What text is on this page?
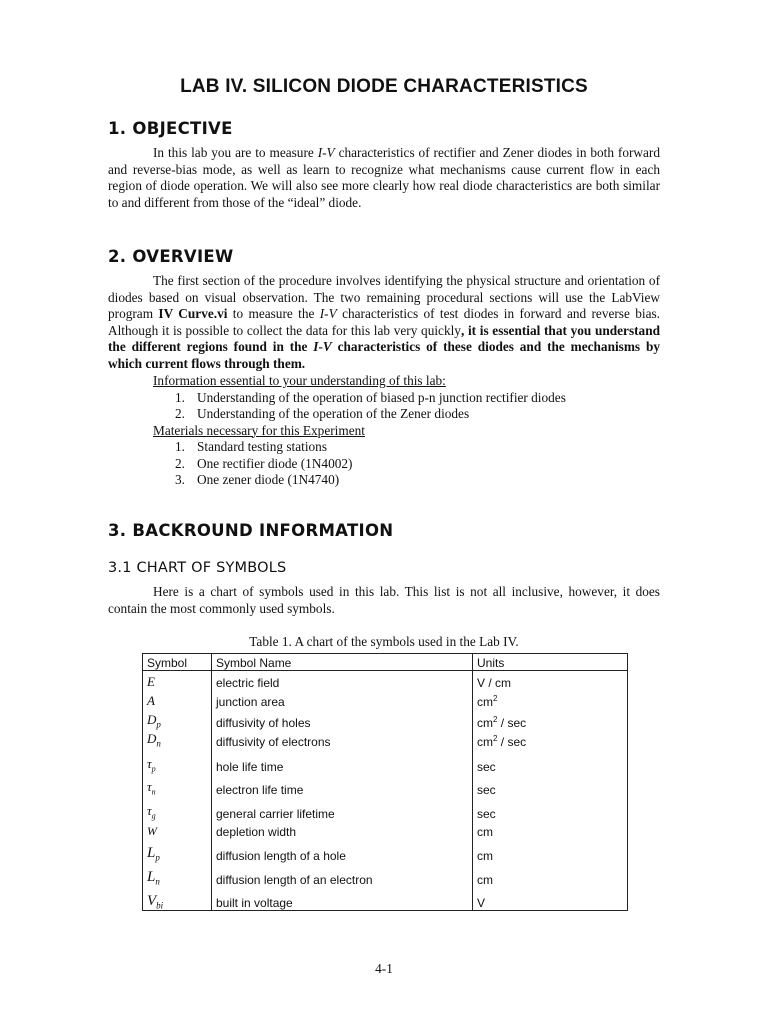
LAB IV. SILICON DIODE CHARACTERISTICS
1. OBJECTIVE

In this lab you are to measure I-V characteristics of rectifier and Zener diodes in both forward and reverse-bias mode, as well as learn to recognize what mechanisms cause current flow in each region of diode operation. We will also see more clearly how real diode characteristics are both similar to and different from those of the “ideal” diode.

2. OVERVIEW

The first section of the procedure involves identifying the physical structure and orientation of diodes based on visual observation. The two remaining procedural sections will use the LabView program IV Curve.vi to measure the I-V characteristics of test diodes in forward and reverse bias. Although it is possible to collect the data for this lab very quickly, it is essential that you understand the different regions found in the I-V characteristics of these diodes and the mechanisms by which current flows through them.

Information essential to your understanding of this lab:
1. Understanding of the operation of biased p-n junction rectifier diodes
2. Understanding of the operation of the Zener diodes
Materials necessary for this Experiment
1. Standard testing stations
2. One rectifier diode (1N4002)
3. One zener diode (1N4740)
3. BACKROUND INFORMATION
3.1 CHART OF SYMBOLS

Here is a chart of symbols used in this lab. This list is not all inclusive, however, it does contain the most commonly used symbols.

Table 1. A chart of the symbols used in the Lab IV.
Symbol	Symbol Name	Units
E	electric field	V / cm
A	junction area	$cm^2$
$D_p$	diffusivity of holes	$cm^2$ / sec
$D_n$	diffusivity of electrons	$cm^2$ / sec
$\tau_p$	hole life time	sec
$\tau_n$	electron life time	sec
$\tau_g$	general carrier lifetime	sec
W	depletion width	cm
$L_p$	diffusion length of a hole	cm
$L_n$	diffusion length of an electron	cm
$V_{bi}$	built in voltage	V
4-1
